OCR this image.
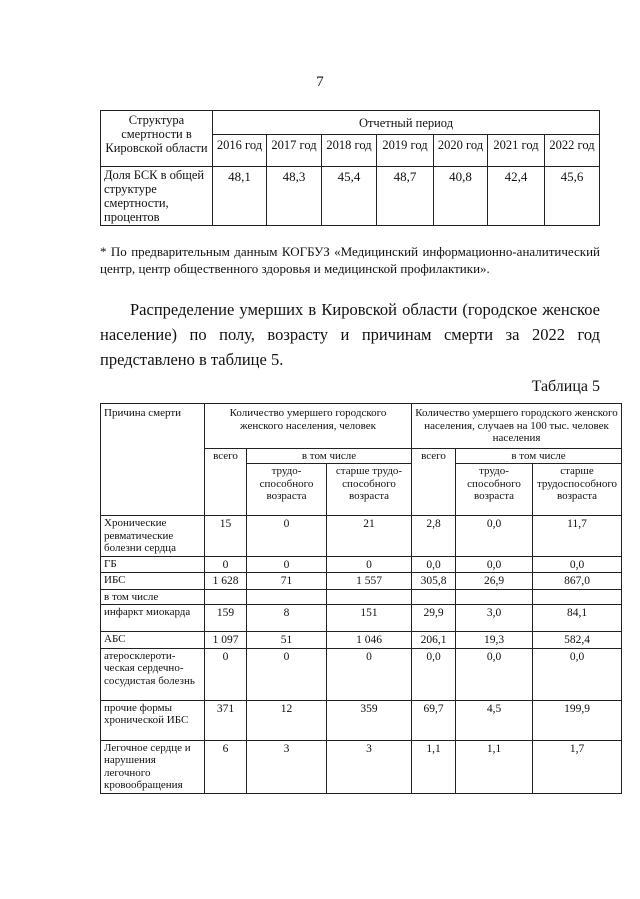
7
Структура смертности в Кировской области	Отчетный период						
	2016 год	2017 год	2018 год	2019 год	2020 год	2021 год	2022 год
Доля БСК в общей структуре смертности, процентов	48,1	48,3	45,4	48,7	40,8	42,4	45,6
* По предварительным данным КОГБУЗ «Медицинский информационно-аналитический центр, центр общественного здоровья и медицинской профилактики».
Распределение умерших в Кировской области (городское женское население) по полу, возрасту и причинам смерти за 2022 год представлено в таблице 5.
Таблица 5
Причина смерти	Количество умершего городского женского населения, человек			Количество умершего городского женского населения, случаев на 100 тыс. человек населения		
	всего	в том числе		всего	в том числе	
		трудо-способного возраста	старше трудо-способного возраста		трудо-способного возраста	старше трудоспособного возраста
Хронические ревматические болезни сердца	15	0	21	2,8	0,0	11,7
ГБ	0	0	0	0,0	0,0	0,0
ИБС	1 628	71	1 557	305,8	26,9	867,0
в том числе						
инфаркт миокарда	159	8	151	29,9	3,0	84,1
АБС	1 097	51	1 046	206,1	19,3	582,4
атеросклероти-ческая сердечно-сосудистая болезнь	0	0	0	0,0	0,0	0,0
прочие формы хронической ИБС	371	12	359	69,7	4,5	199,9
Легочное сердце и нарушения легочного кровообращения	6	3	3	1,1	1,1	1,7
